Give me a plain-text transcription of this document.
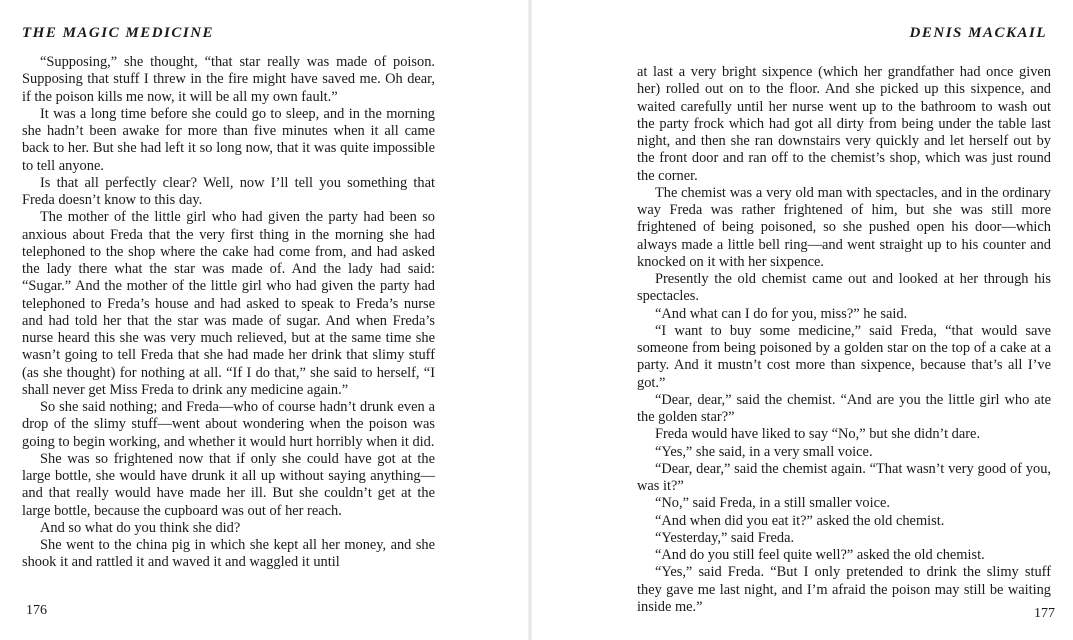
THE MAGIC MEDICINE

“Supposing,” she thought, “that star really was made of poison. Supposing that stuff I threw in the fire might have saved me. Oh dear, if the poison kills me now, it will be all my own fault.”

It was a long time before she could go to sleep, and in the morning she hadn’t been awake for more than five minutes when it all came back to her. But she had left it so long now, that it was quite impossible to tell anyone.

Is that all perfectly clear? Well, now I’ll tell you something that Freda doesn’t know to this day.

The mother of the little girl who had given the party had been so anxious about Freda that the very first thing in the morning she had telephoned to the shop where the cake had come from, and had asked the lady there what the star was made of. And the lady had said: “Sugar.” And the mother of the little girl who had given the party had telephoned to Freda’s house and had asked to speak to Freda’s nurse and had told her that the star was made of sugar. And when Freda’s nurse heard this she was very much relieved, but at the same time she wasn’t going to tell Freda that she had made her drink that slimy stuff (as she thought) for nothing at all. “If I do that,” she said to herself, “I shall never get Miss Freda to drink any medicine again.”

So she said nothing; and Freda—who of course hadn’t drunk even a drop of the slimy stuff—went about wondering when the poison was going to begin working, and whether it would hurt horribly when it did.

She was so frightened now that if only she could have got at the large bottle, she would have drunk it all up without saying anything—and that really would have made her ill. But she couldn’t get at the large bottle, because the cupboard was out of her reach.

And so what do you think she did?

She went to the china pig in which she kept all her money, and she shook it and rattled it and waved it and waggled it until

176
DENIS MACKAIL

at last a very bright sixpence (which her grandfather had once given her) rolled out on to the floor. And she picked up this sixpence, and waited carefully until her nurse went up to the bathroom to wash out the party frock which had got all dirty from being under the table last night, and then she ran downstairs very quickly and let herself out by the front door and ran off to the chemist’s shop, which was just round the corner.

The chemist was a very old man with spectacles, and in the ordinary way Freda was rather frightened of him, but she was still more frightened of being poisoned, so she pushed open his door—which always made a little bell ring—and went straight up to his counter and knocked on it with her sixpence.

Presently the old chemist came out and looked at her through his spectacles.

“And what can I do for you, miss?” he said.

“I want to buy some medicine,” said Freda, “that would save someone from being poisoned by a golden star on the top of a cake at a party. And it mustn’t cost more than sixpence, because that’s all I’ve got.”

“Dear, dear,” said the chemist. “And are you the little girl who ate the golden star?”

Freda would have liked to say “No,” but she didn’t dare.

“Yes,” she said, in a very small voice.

“Dear, dear,” said the chemist again. “That wasn’t very good of you, was it?”

“No,” said Freda, in a still smaller voice.

“And when did you eat it?” asked the old chemist.

“Yesterday,” said Freda.

“And do you still feel quite well?” asked the old chemist.

“Yes,” said Freda. “But I only pretended to drink the slimy stuff they gave me last night, and I’m afraid the poison may still be waiting inside me.”	177
